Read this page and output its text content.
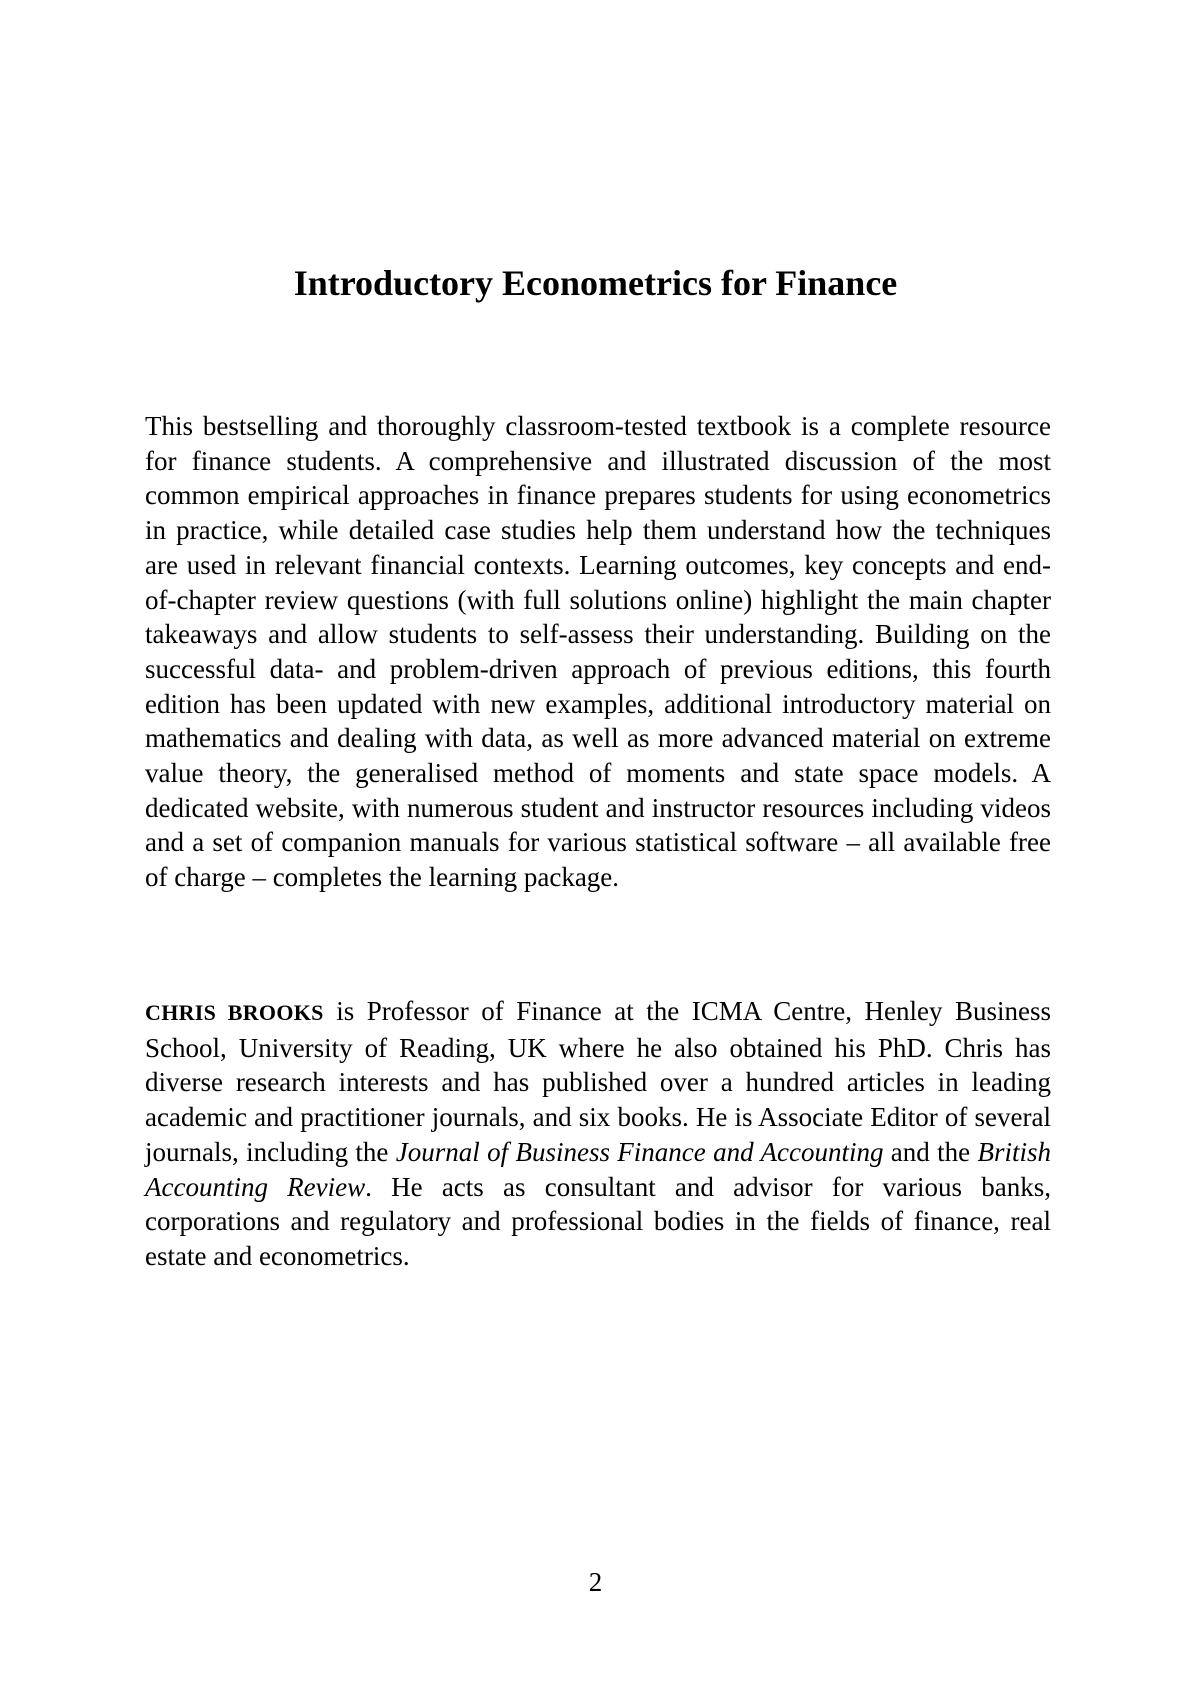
Introductory Econometrics for Finance

This bestselling and thoroughly classroom-tested textbook is a complete resource for finance students. A comprehensive and illustrated discussion of the most common empirical approaches in finance prepares students for using econometrics in practice, while detailed case studies help them understand how the techniques are used in relevant financial contexts. Learning outcomes, key concepts and end-of-chapter review questions (with full solutions online) highlight the main chapter takeaways and allow students to self-assess their understanding. Building on the successful data- and problem-driven approach of previous editions, this fourth edition has been updated with new examples, additional introductory material on mathematics and dealing with data, as well as more advanced material on extreme value theory, the generalised method of moments and state space models. A dedicated website, with numerous student and instructor resources including videos and a set of companion manuals for various statistical software – all available free of charge – completes the learning package.

CHRIS BROOKS is Professor of Finance at the ICMA Centre, Henley Business School, University of Reading, UK where he also obtained his PhD. Chris has diverse research interests and has published over a hundred articles in leading academic and practitioner journals, and six books. He is Associate Editor of several journals, including the Journal of Business Finance and Accounting and the British Accounting Review. He acts as consultant and advisor for various banks, corporations and regulatory and professional bodies in the fields of finance, real estate and econometrics.

2
